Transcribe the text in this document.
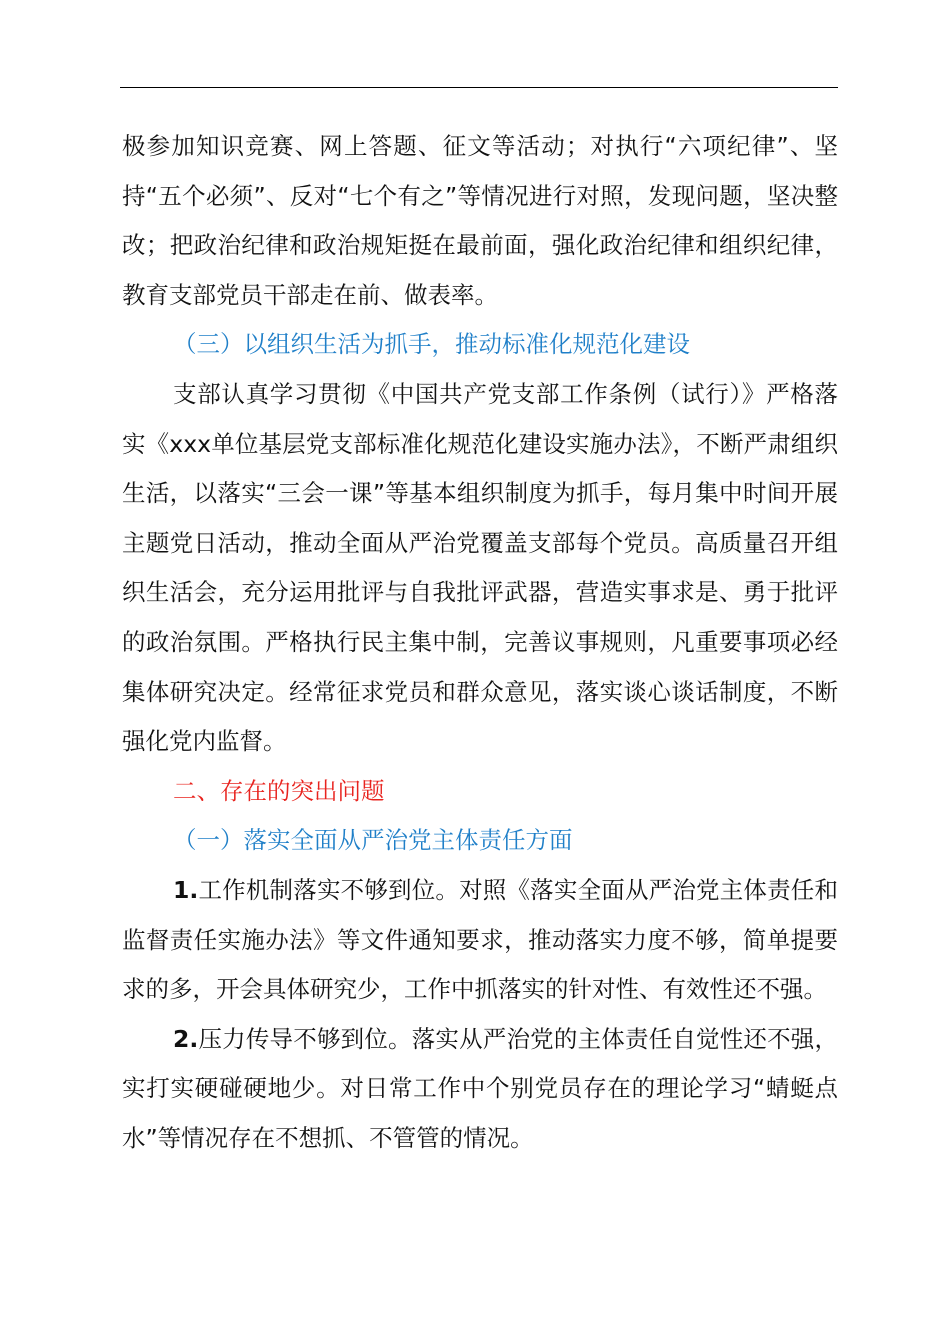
极参加知识竞赛、网上答题、征文等活动；对执行“六项纪律”、坚持“五个必须”、反对“七个有之”等情况进行对照，发现问题，坚决整改；把政治纪律和政治规矩挺在最前面，强化政治纪律和组织纪律，教育支部党员干部走在前、做表率。

（三）以组织生活为抓手，推动标准化规范化建设

支部认真学习贯彻《中国共产党支部工作条例（试行）》严格落实《xxx单位基层党支部标准化规范化建设实施办法》，不断严肃组织生活，以落实“三会一课”等基本组织制度为抓手，每月集中时间开展主题党日活动，推动全面从严治党覆盖支部每个党员。高质量召开组织生活会，充分运用批评与自我批评武器，营造实事求是、勇于批评的政治氛围。严格执行民主集中制，完善议事规则，凡重要事项必经集体研究决定。经常征求党员和群众意见，落实谈心谈话制度，不断强化党内监督。

二、存在的突出问题

（一）落实全面从严治党主体责任方面

1.工作机制落实不够到位。对照《落实全面从严治党主体责任和监督责任实施办法》等文件通知要求，推动落实力度不够，简单提要求的多，开会具体研究少，工作中抓落实的针对性、有效性还不强。

2.压力传导不够到位。落实从严治党的主体责任自觉性还不强，实打实硬碰硬地少。对日常工作中个别党员存在的理论学习“蜻蜓点水”等情况存在不想抓、不管管的情况。
